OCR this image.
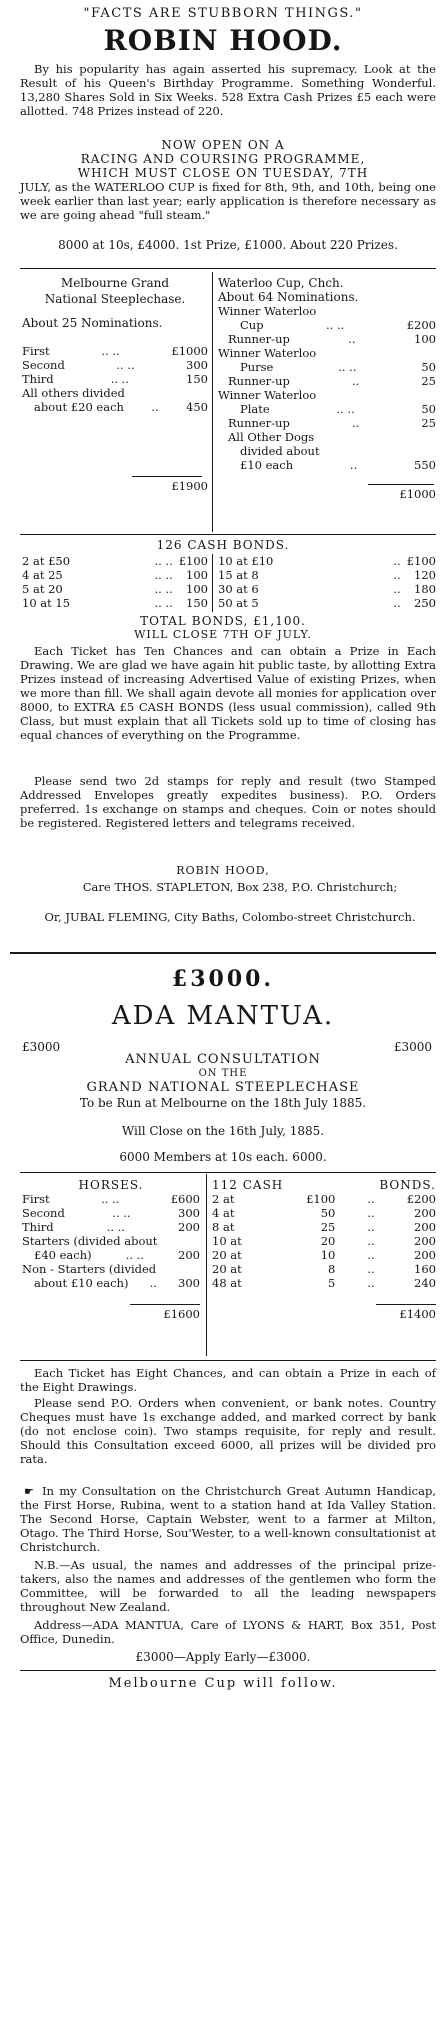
"FACTS ARE STUBBORN THINGS."
ROBIN HOOD.

By his popularity has again asserted his supremacy. Look at the Result of his Queen's Birthday Programme. Something Wonderful. 13,280 Shares Sold in Six Weeks. 528 Extra Cash Prizes £5 each were allotted. 748 Prizes instead of 220.

NOW OPEN ON A
RACING AND COURSING PROGRAMME,
WHICH MUST CLOSE ON TUESDAY, 7TH

JULY, as the WATERLOO CUP is fixed for 8th, 9th, and 10th, being one week earlier than last year; early application is therefore necessary as we are going ahead "full steam."

8000 at 10s, £4000. 1st Prize, £1000. About 220 Prizes.

Melbourne Grand
National Steeplechase.
About 25 Nominations.
First	.. ..	£1000
Second	.. ..	300
Third	.. ..	150
All others divided
about £20 each .. 450
£1900
Waterloo Cup, Chch.
About 64 Nominations.
Winner Waterloo
Cup	.. ..	£200
Runner-up	..	100
Winner Waterloo
Purse	.. ..	50
Runner-up	..	25
Winner Waterloo
Plate	.. ..	50
Runner-up	..	25
All Other Dogs
divided about
£10 each	..	550
£1000
126 CASH BONDS.
2 at £50	.. .. £100
4 at 25	.. ..	100
5 at 20	.. ..	100
10 at 15	.. ..	150
10 at £10	.. £100
15 at 8	..	120
30 at 6	..	180
50 at 5	..	250
TOTAL BONDS, £1,100.
WILL CLOSE 7TH OF JULY.

Each Ticket has Ten Chances and can obtain a Prize in Each Drawing. We are glad we have again hit public taste, by allotting Extra Prizes instead of increasing Advertised Value of existing Prizes, when we more than fill. We shall again devote all monies for application over 8000, to EXTRA £5 CASH BONDS (less usual commission), called 9th Class, but must explain that all Tickets sold up to time of closing has equal chances of everything on the Programme.

Please send two 2d stamps for reply and result (two Stamped Addressed Envelopes greatly expedites business). P.O. Orders preferred. 1s exchange on stamps and cheques. Coin or notes should be registered. Registered letters and telegrams received.

ROBIN HOOD,

Care THOS. STAPLETON, Box 238, P.O. Christchurch;

Or, JUBAL FLEMING, City Baths, Colombo-street Christchurch.

£3000.
ADA MANTUA.
£3000	£3000
ANNUAL CONSULTATION
ON THE
GRAND NATIONAL STEEPLECHASE
To be Run at Melbourne on the 18th July 1885.
Will Close on the 16th July, 1885.
6000 Members at 10s each. 6000.
HORSES.
First	.. ..	£600
Second	.. ..	300
Third	.. ..	200
Starters (divided about
£40 each)	.. ..	200
Non - Starters (divided
about £10 each) .. 300
£1600
112 CASH	BONDS.
2 at	£100	..	£200
4 at	50	..	200
8 at	25	..	200
10 at	20	..	200
20 at	10	..	200
20 at	8	..	160
48 at	5	..	240
£1400

Each Ticket has Eight Chances, and can obtain a Prize in each of the Eight Drawings.

Please send P.O. Orders when convenient, or bank notes. Country Cheques must have 1s exchange added, and marked correct by bank (do not enclose coin). Two stamps requisite, for reply and result. Should this Consultation exceed 6000, all prizes will be divided pro rata.

☛ In my Consultation on the Christchurch Great Autumn Handicap, the First Horse, Rubina, went to a station hand at Ida Valley Station. The Second Horse, Captain Webster, went to a farmer at Milton, Otago. The Third Horse, Sou'Wester, to a well-known consultationist at Christchurch.

N.B.—As usual, the names and addresses of the principal prize-takers, also the names and addresses of the gentlemen who form the Committee, will be forwarded to all the leading newspapers throughout New Zealand.

Address—ADA MANTUA, Care of LYONS & HART, Box 351, Post Office, Dunedin.

£3000—Apply Early—£3000.
Melbourne Cup will follow.
